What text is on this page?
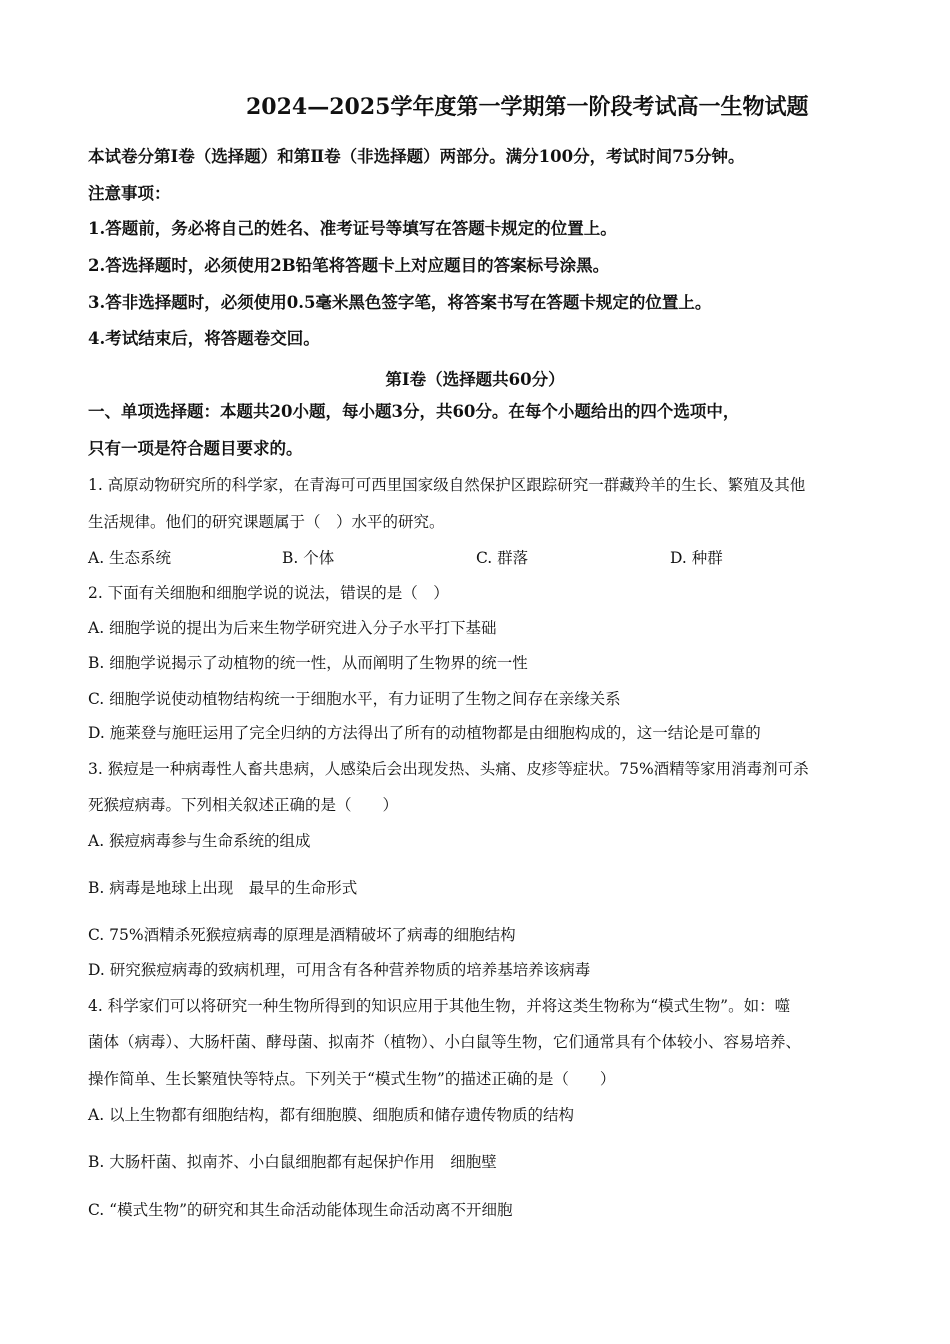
2024—2025学年度第一学期第一阶段考试高一生物试题
本试卷分第Ⅰ卷（选择题）和第Ⅱ卷（非选择题）两部分。满分100分，考试时间75分钟。
注意事项：
1.答题前，务必将自己的姓名、准考证号等填写在答题卡规定的位置上。
2.答选择题时，必须使用2B铅笔将答题卡上对应题目的答案标号涂黑。
3.答非选择题时，必须使用0.5毫米黑色签字笔，将答案书写在答题卡规定的位置上。
4.考试结束后，将答题卷交回。
第Ⅰ卷（选择题共60分）
一、单项选择题：本题共20小题，每小题3分，共60分。在每个小题给出的四个选项中，
只有一项是符合题目要求的。
1. 高原动物研究所的科学家，在青海可可西里国家级自然保护区跟踪研究一群藏羚羊的生长、繁殖及其他
生活规律。他们的研究课题属于（　）水平的研究。
A. 生态系统	B. 个体	C. 群落	D. 种群
2. 下面有关细胞和细胞学说的说法，错误的是（　）
A. 细胞学说的提出为后来生物学研究进入分子水平打下基础
B. 细胞学说揭示了动植物的统一性，从而阐明了生物界的统一性
C. 细胞学说使动植物结构统一于细胞水平，有力证明了生物之间存在亲缘关系
D. 施莱登与施旺运用了完全归纳的方法得出了所有的动植物都是由细胞构成的，这一结论是可靠的
3. 猴痘是一种病毒性人畜共患病，人感染后会出现发热、头痛、皮疹等症状。75%酒精等家用消毒剂可杀
死猴痘病毒。下列相关叙述正确的是（　　）
A. 猴痘病毒参与生命系统的组成
B. 病毒是地球上出现　最早的生命形式
C. 75%酒精杀死猴痘病毒的原理是酒精破坏了病毒的细胞结构
D. 研究猴痘病毒的致病机理，可用含有各种营养物质的培养基培养该病毒
4. 科学家们可以将研究一种生物所得到的知识应用于其他生物，并将这类生物称为“模式生物”。如：噬
菌体（病毒）、大肠杆菌、酵母菌、拟南芥（植物）、小白鼠等生物，它们通常具有个体较小、容易培养、
操作简单、生长繁殖快等特点。下列关于“模式生物”的描述正确的是（　　）
A. 以上生物都有细胞结构，都有细胞膜、细胞质和储存遗传物质的结构
B. 大肠杆菌、拟南芥、小白鼠细胞都有起保护作用　细胞壁
C. “模式生物”的研究和其生命活动能体现生命活动离不开细胞
